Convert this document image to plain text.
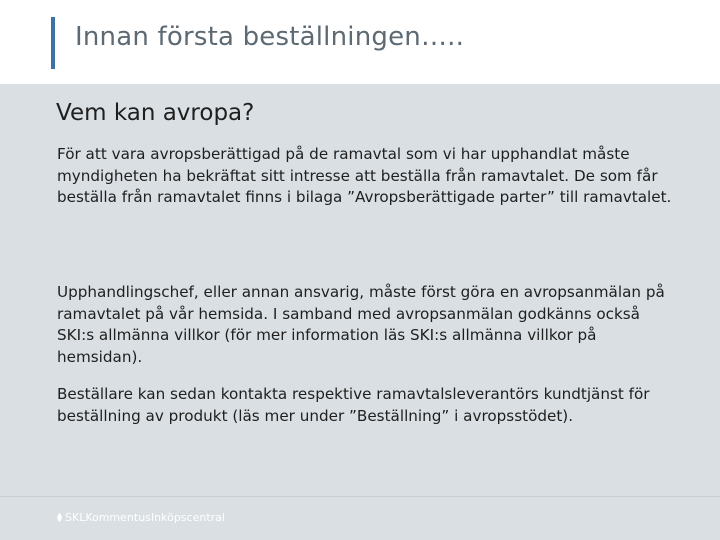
Innan första beställningen…..
Vem kan avropa?

För att vara avropsberättigad på de ramavtal som vi har upphandlat måste myndigheten ha bekräftat sitt intresse att beställa från ramavtalet. De som får beställa från ramavtalet finns i bilaga ”Avropsberättigade parter” till ramavtalet.

Upphandlingschef, eller annan ansvarig, måste först göra en avropsanmälan på ramavtalet på vår hemsida. I samband med avropsanmälan godkänns också SKI:s allmänna villkor (för mer information läs SKI:s allmänna villkor på hemsidan).

Beställare kan sedan kontakta respektive ramavtalsleverantörs kundtjänst för beställning av produkt (läs mer under ”Beställning” i avropsstödet).

SKLKommentusInköpscentral
